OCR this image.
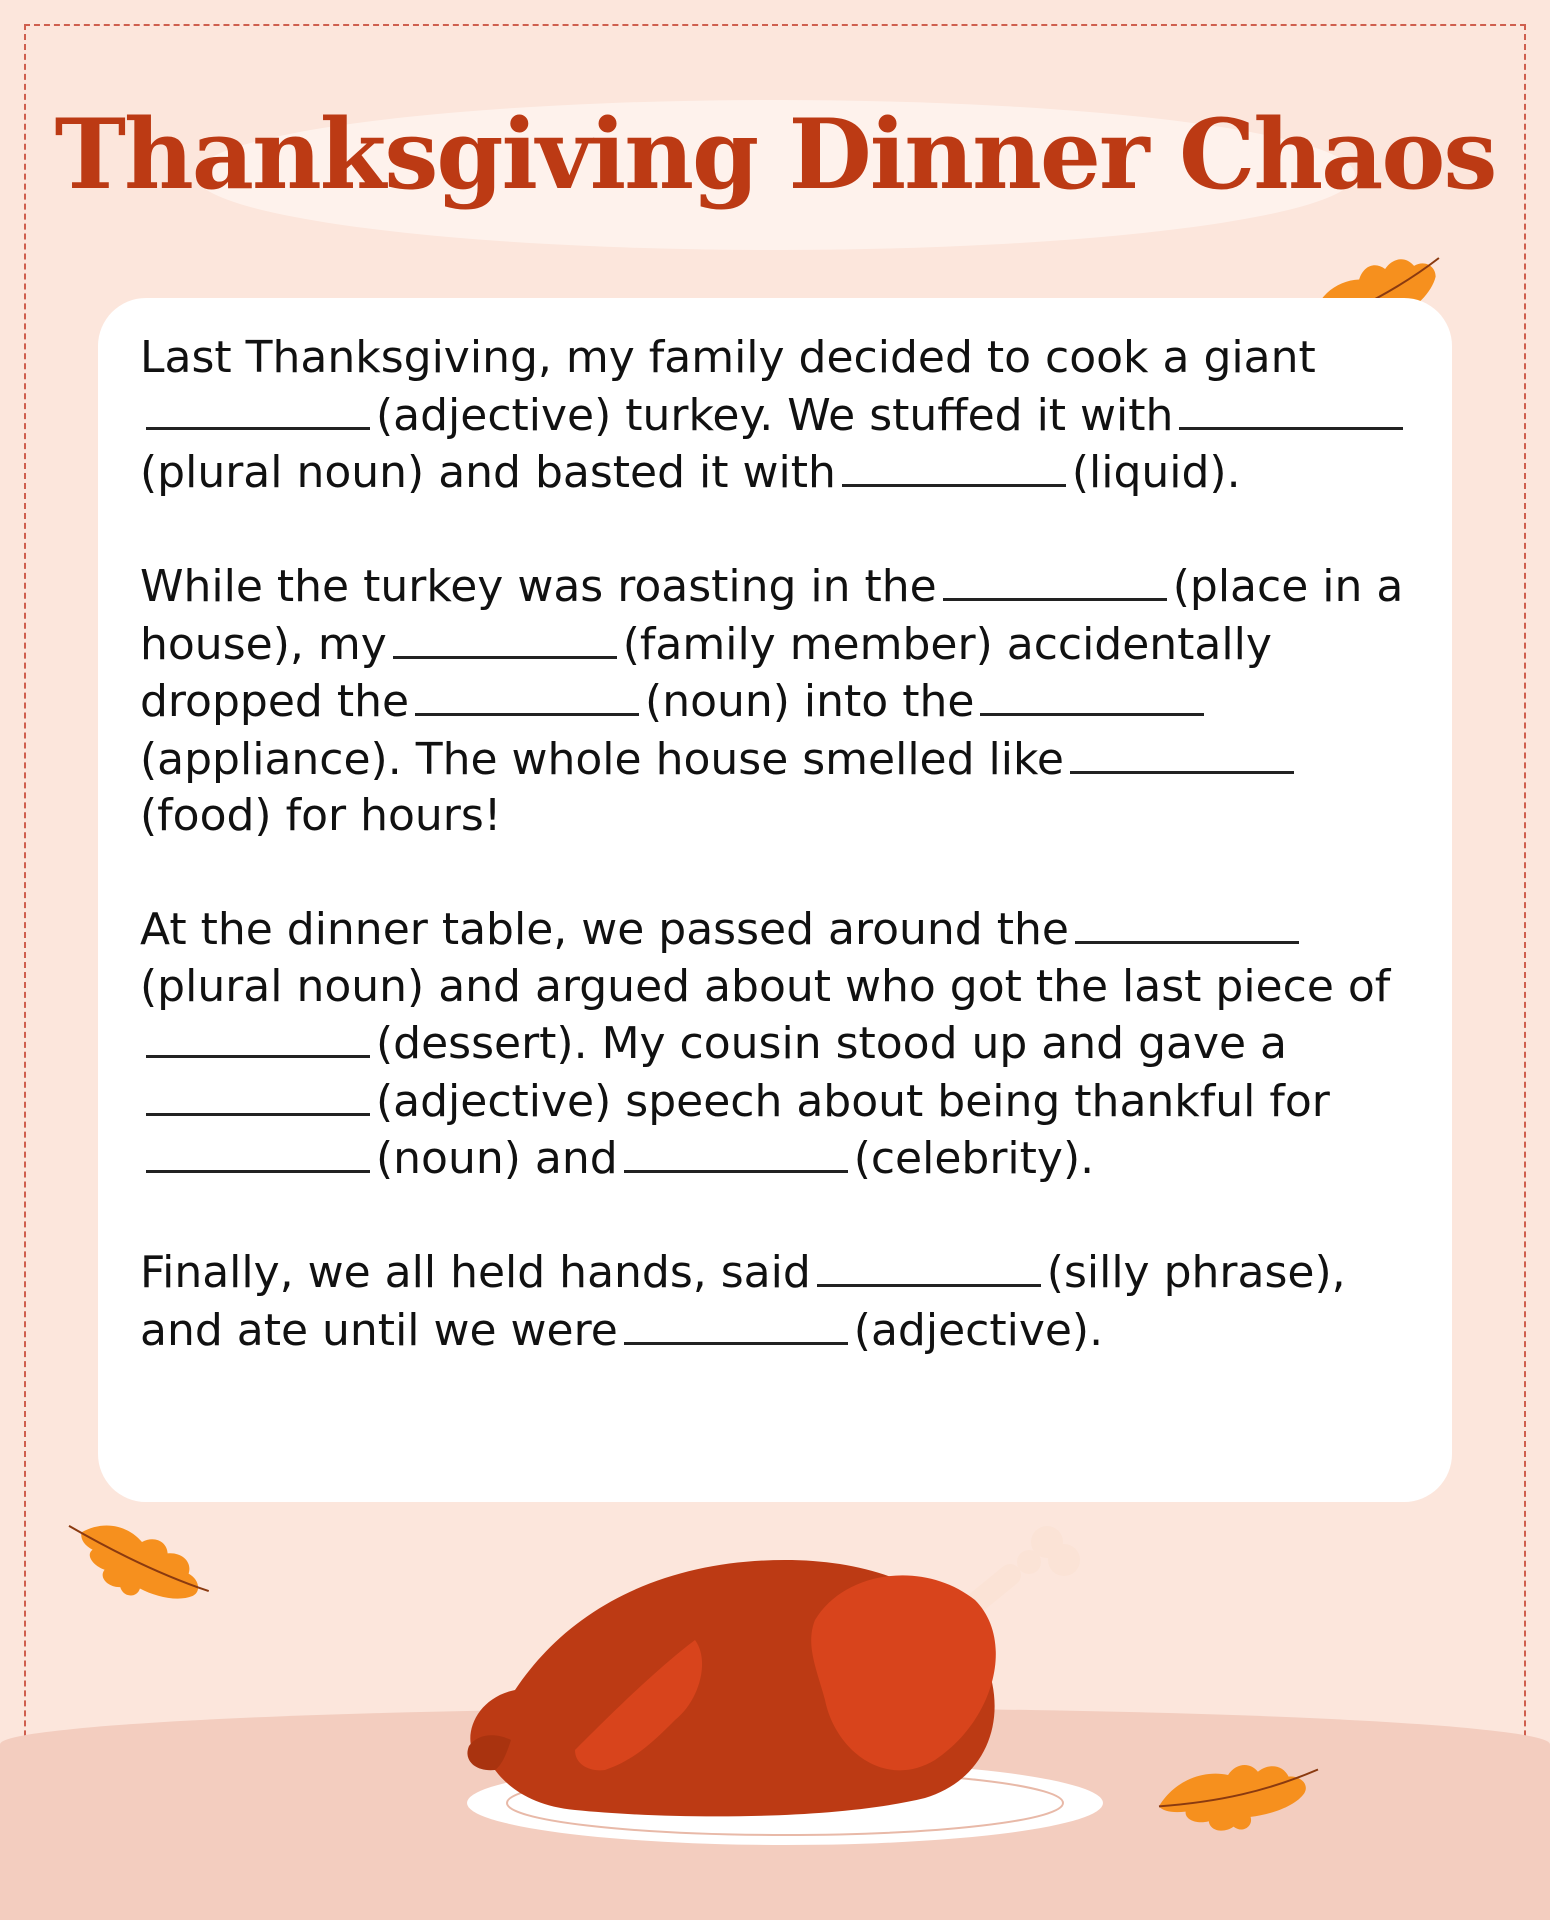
Thanksgiving Dinner Chaos

Last Thanksgiving, my family decided to cook a giant(adjective) turkey. We stuffed it with(plural noun) and basted it with	(liquid).

While the turkey was roasting in the	(place in a house), my	(family member) accidentally dropped the	(noun) into the(appliance). The whole house smelled like(food) for hours!

At the dinner table, we passed around the(plural noun) and argued about who got the last piece of(dessert). My cousin stood up and gave a(adjective) speech about being thankful for(noun) and	(celebrity).

Finally, we all held hands, said	(silly phrase), and ate until we were	(adjective).
